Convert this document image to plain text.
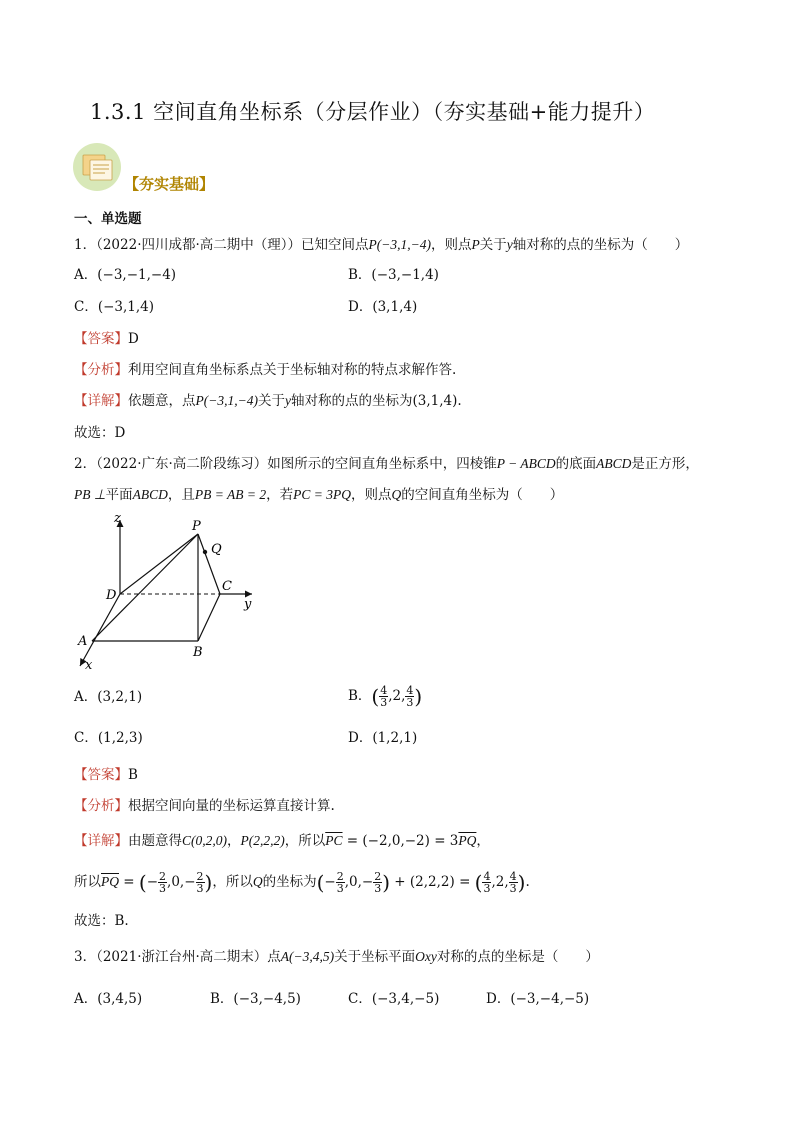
1.3.1 空间直角坐标系（分层作业）（夯实基础+能力提升）
【夯实基础】
一、单选题
1．（2022·四川成都·高二期中（理））已知空间点P(−3,1,−4)，则点P关于y轴对称的点的坐标为（　　）
A．(−3,−1,−4)	B．(−3,−1,4)
C．(−3,1,4)	D．(3,1,4)
【答案】D
【分析】利用空间直角坐标系点关于坐标轴对称的特点求解作答.
【详解】依题意，点P(−3,1,−4)关于y轴对称的点的坐标为(3,1,4).
故选：D
2．（2022·广东·高二阶段练习）如图所示的空间直角坐标系中，四棱锥P − ABCD的底面ABCD是正方形，
PB ⊥平面ABCD，且PB = AB = 2，若PC = 3PQ，则点Q的空间直角坐标为（　　）
z
P
Q
D
C
y
A
B
x
A．(3,2,1)	B．( $\frac{4}{3} ,2$, $\frac{4}{3}$ )
C．(1,2,3)	D．(1,2,1)
【答案】B
【分析】根据空间向量的坐标运算直接计算.
【详解】由题意得C(0,2,0)，P(2,2,2)，所以$\overline{PC} = (-2,0,-2) = 3\overline{PQ}$，
所以$\overline{PQ}$ = (− $\frac{2}{3} ,0,- \frac{2}{3}$ )，所以Q的坐标为(− $\frac{2}{3} ,0,- \frac{2}{3}$ ) + (2,2,2) = ( $\frac{4}{3} ,2$, $\frac{4}{3}$ ).
故选：B.
3．（2021·浙江台州·高二期末）点A(−3,4,5)关于坐标平面Oxy对称的点的坐标是（　　）
A．(3,4,5)	B．(−3,−4,5)	C．(−3,4,−5)	D．(−3,−4,−5)
